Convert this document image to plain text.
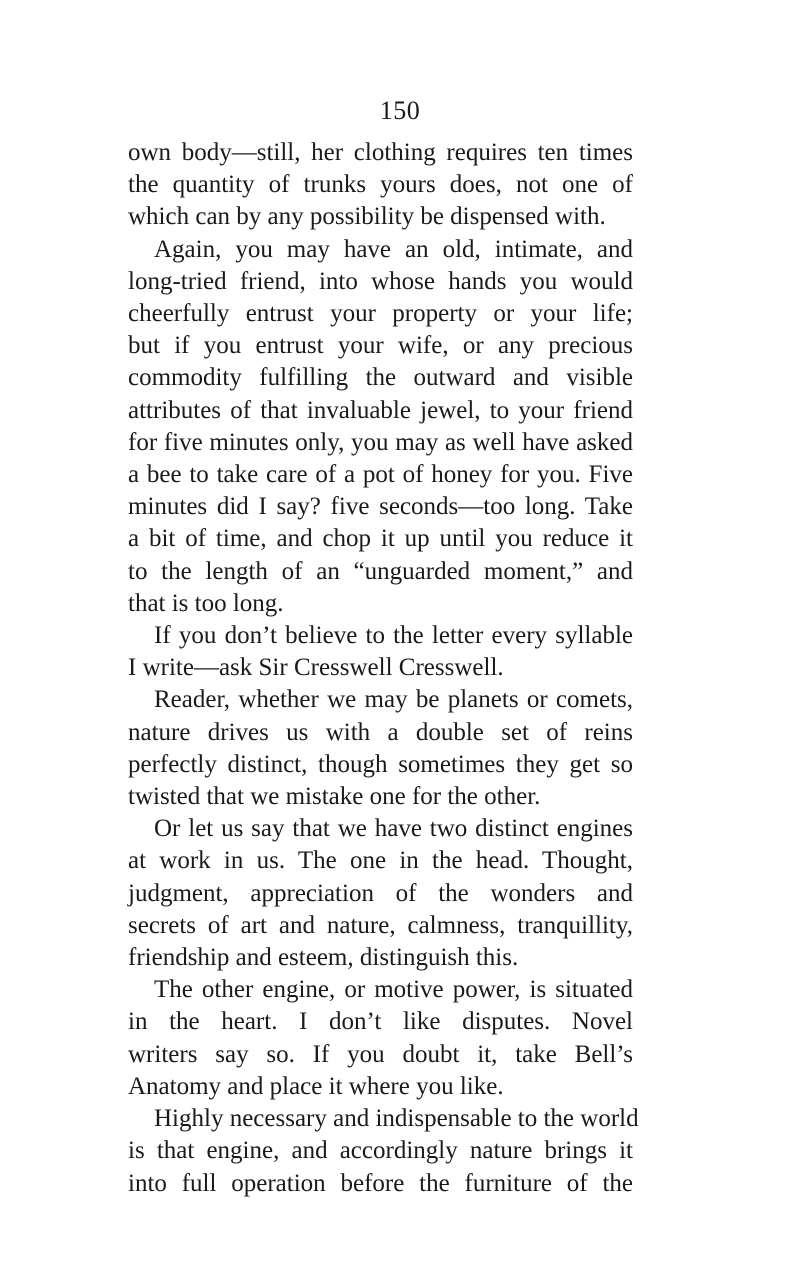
150
own body—still, her clothing requires ten times
the quantity of trunks yours does, not one of
which can by any possibility be dispensed with.
Again, you may have an old, intimate, and
long-tried friend, into whose hands you would
cheerfully entrust your property or your life;
but if you entrust your wife, or any precious
commodity fulfilling the outward and visible
attributes of that invaluable jewel, to your friend
for five minutes only, you may as well have asked
a bee to take care of a pot of honey for you. Five
minutes did I say? five seconds—too long. Take
a bit of time, and chop it up until you reduce it
to the length of an “unguarded moment,” and
that is too long.
If you don’t believe to the letter every syllable
I write—ask Sir Cresswell Cresswell.
Reader, whether we may be planets or comets,
nature drives us with a double set of reins
perfectly distinct, though sometimes they get so
twisted that we mistake one for the other.
Or let us say that we have two distinct engines
at work in us. The one in the head. Thought,
judgment, appreciation of the wonders and
secrets of art and nature, calmness, tranquillity,
friendship and esteem, distinguish this.
The other engine, or motive power, is situated
in the heart. I don’t like disputes. Novel
writers say so. If you doubt it, take Bell’s
Anatomy and place it where you like.
Highly necessary and indispensable to the world
is that engine, and accordingly nature brings it
into full operation before the furniture of the
